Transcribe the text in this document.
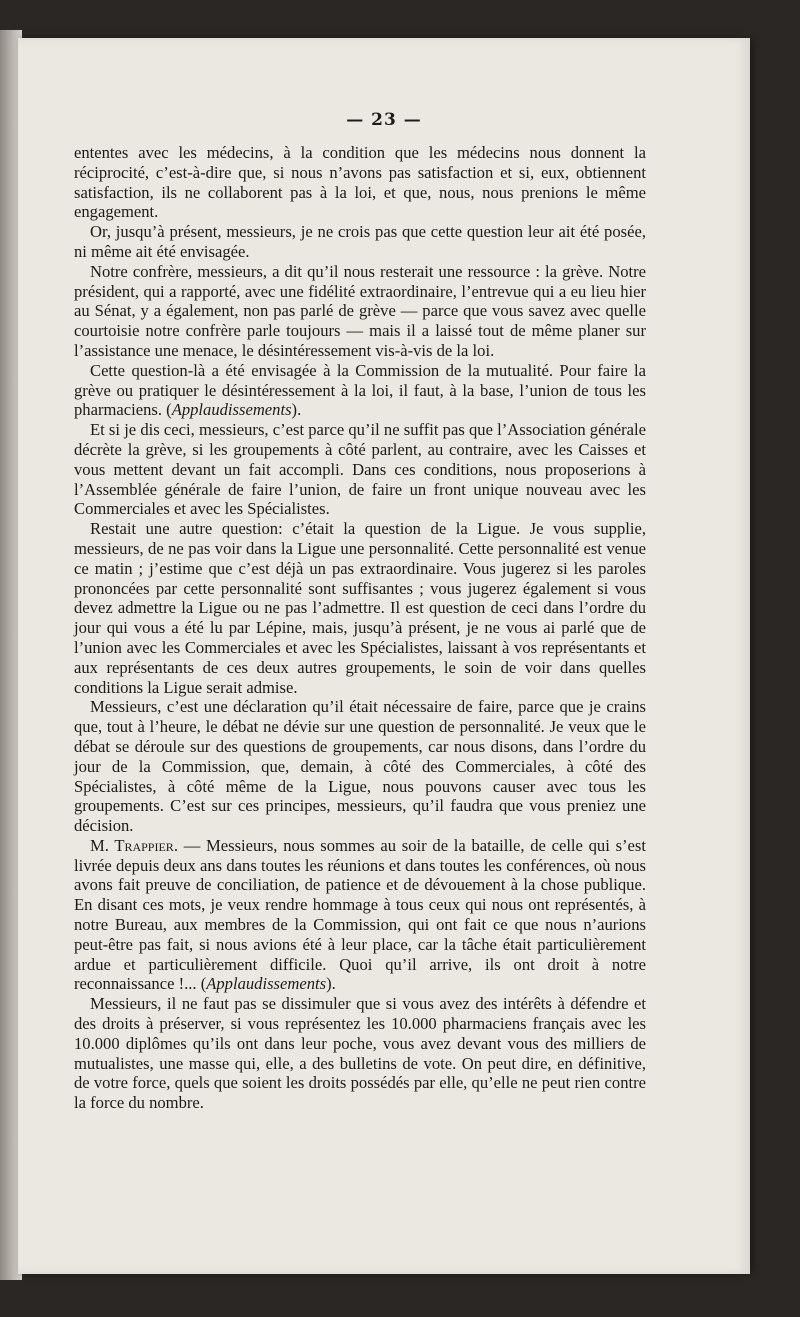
— 23 —

ententes avec les médecins, à la condition que les médecins nous donnent la réciprocité, c’est-à-dire que, si nous n’avons pas satisfaction et si, eux, obtiennent satisfaction, ils ne collaborent pas à la loi, et que, nous, nous prenions le même engagement.

Or, jusqu’à présent, messieurs, je ne crois pas que cette question leur ait été posée, ni même ait été envisagée.

Notre confrère, messieurs, a dit qu’il nous resterait une ressource : la grève. Notre président, qui a rapporté, avec une fidélité extraordinaire, l’entrevue qui a eu lieu hier au Sénat, y a également, non pas parlé de grève — parce que vous savez avec quelle courtoisie notre confrère parle toujours — mais il a laissé tout de même planer sur l’assistance une menace, le désintéressement vis-à-vis de la loi.

Cette question-là a été envisagée à la Commission de la mutualité. Pour faire la grève ou pratiquer le désintéressement à la loi, il faut, à la base, l’union de tous les pharmaciens. (Applaudissements).

Et si je dis ceci, messieurs, c’est parce qu’il ne suffit pas que l’Association générale décrète la grève, si les groupements à côté parlent, au contraire, avec les Caisses et vous mettent devant un fait accompli. Dans ces conditions, nous proposerions à l’Assemblée générale de faire l’union, de faire un front unique nouveau avec les Commerciales et avec les Spécialistes.

Restait une autre question: c’était la question de la Ligue. Je vous supplie, messieurs, de ne pas voir dans la Ligue une personnalité. Cette personnalité est venue ce matin ; j’estime que c’est déjà un pas extraordinaire. Vous jugerez si les paroles prononcées par cette personnalité sont suffisantes ; vous jugerez également si vous devez admettre la Ligue ou ne pas l’admettre. Il est question de ceci dans l’ordre du jour qui vous a été lu par Lépine, mais, jusqu’à présent, je ne vous ai parlé que de l’union avec les Commerciales et avec les Spécialistes, laissant à vos représentants et aux représentants de ces deux autres groupements, le soin de voir dans quelles conditions la Ligue serait admise.

Messieurs, c’est une déclaration qu’il était nécessaire de faire, parce que je crains que, tout à l’heure, le débat ne dévie sur une question de personnalité. Je veux que le débat se déroule sur des questions de groupements, car nous disons, dans l’ordre du jour de la Commission, que, demain, à côté des Commerciales, à côté des Spécialistes, à côté même de la Ligue, nous pouvons causer avec tous les groupements. C’est sur ces principes, messieurs, qu’il faudra que vous preniez une décision.

M. Trappier. — Messieurs, nous sommes au soir de la bataille, de celle qui s’est livrée depuis deux ans dans toutes les réunions et dans toutes les conférences, où nous avons fait preuve de conciliation, de patience et de dévouement à la chose publique. En disant ces mots, je veux rendre hommage à tous ceux qui nous ont représentés, à notre Bureau, aux membres de la Commission, qui ont fait ce que nous n’aurions peut-être pas fait, si nous avions été à leur place, car la tâche était particulièrement ardue et particulièrement difficile. Quoi qu’il arrive, ils ont droit à notre reconnaissance !... (Applaudissements).

Messieurs, il ne faut pas se dissimuler que si vous avez des intérêts à défendre et des droits à préserver, si vous représentez les 10.000 pharmaciens français avec les 10.000 diplômes qu’ils ont dans leur poche, vous avez devant vous des milliers de mutualistes, une masse qui, elle, a des bulletins de vote. On peut dire, en définitive, de votre force, quels que soient les droits possédés par elle, qu’elle ne peut rien contre la force du nombre.
